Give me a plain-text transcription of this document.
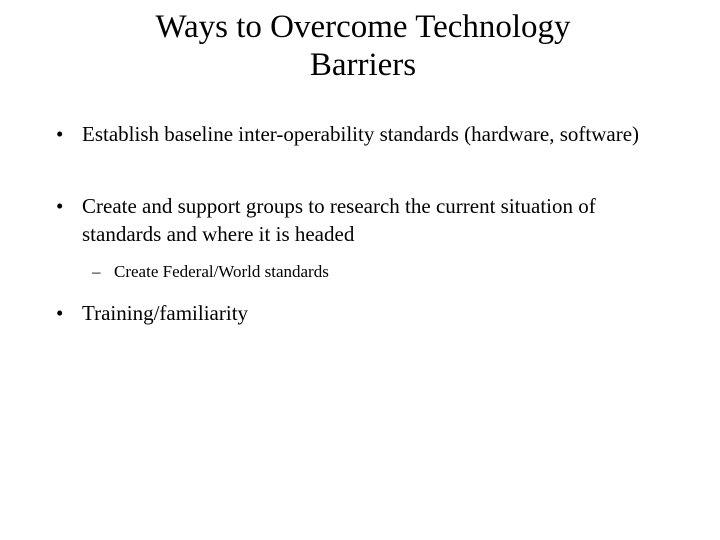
Ways to Overcome Technology Barriers
• Establish baseline inter-operability standards (hardware, software)
• Create and support groups to research the current situation of standards and where it is headed
– Create Federal/World standards
• Training/familiarity
